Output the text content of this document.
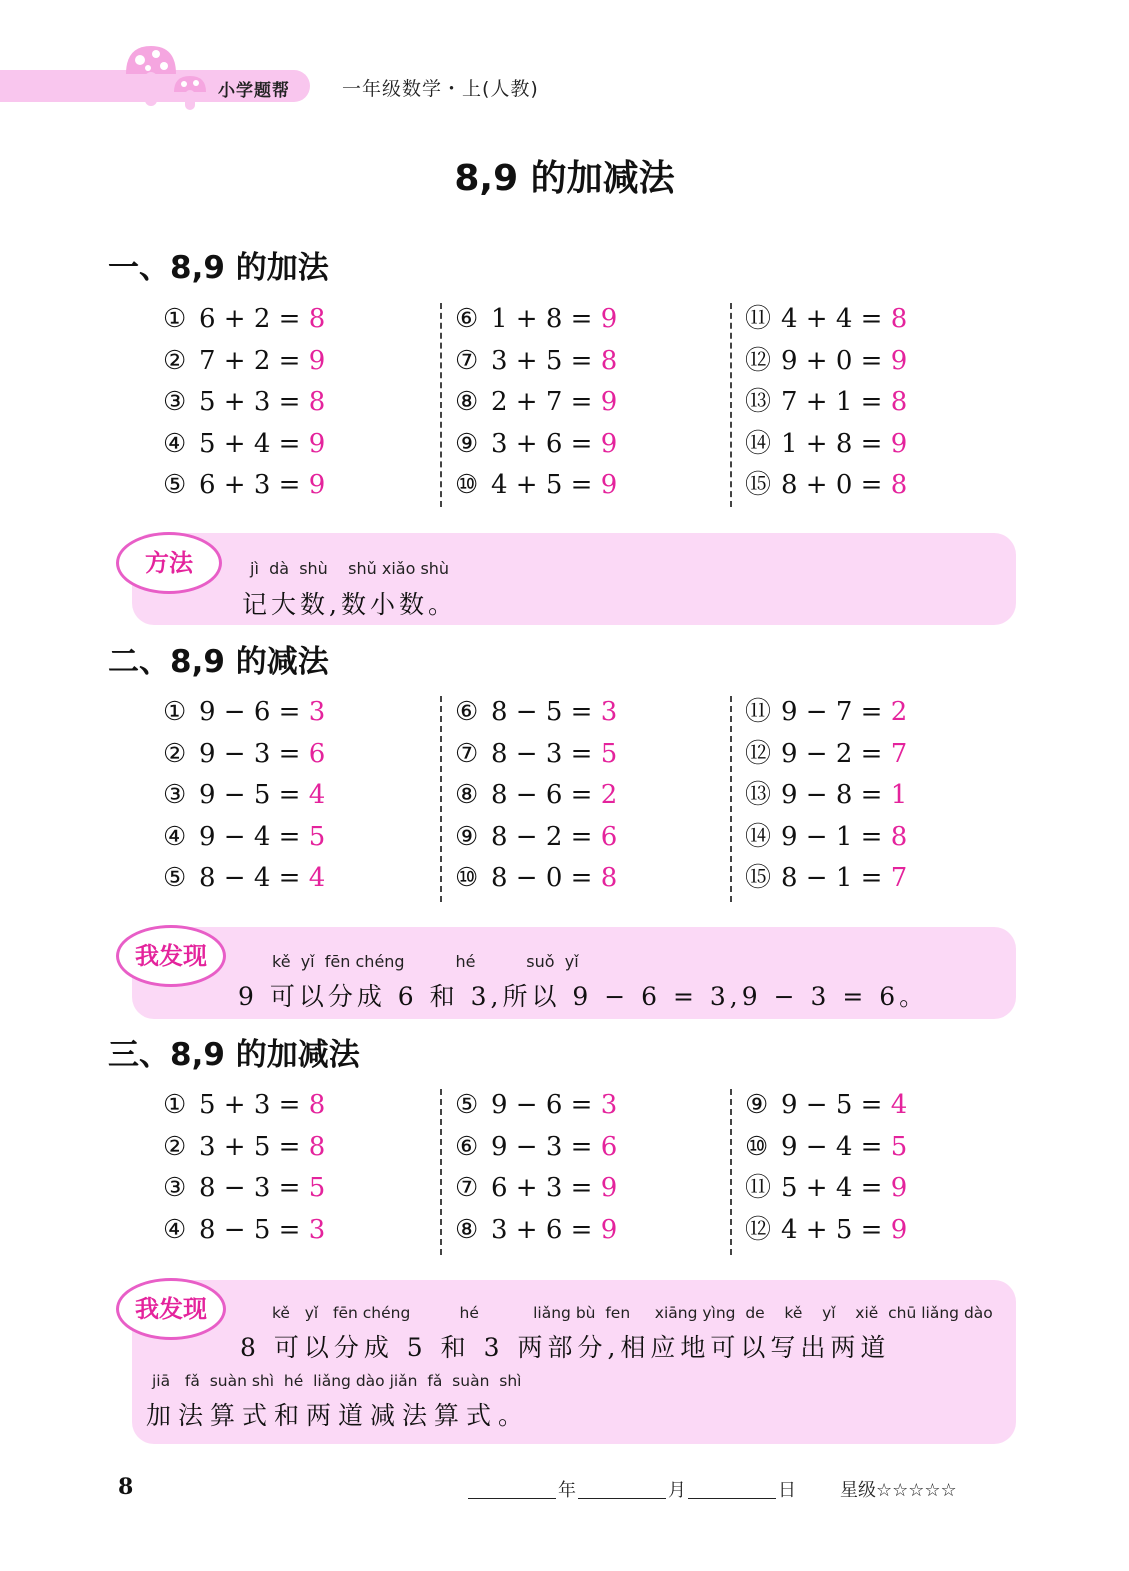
小学题帮	一年级数学・上(人教)
8,9 的加减法
一、8,9 的加法
① 6 + 2 = 8
② 7 + 2 = 9
③ 5 + 3 = 8
④ 5 + 4 = 9
⑤ 6 + 3 = 9
⑥ 1 + 8 = 9
⑦ 3 + 5 = 8
⑧ 2 + 7 = 9
⑨ 3 + 6 = 9
⑩ 4 + 5 = 9
⑪ 4 + 4 = 8
⑫ 9 + 0 = 9
⑬ 7 + 1 = 8
⑭ 1 + 8 = 9
⑮ 8 + 0 = 8
jì  dà  shù    shǔ xiǎo shù
记大数,数小数。
方法
二、8,9 的减法
① 9 − 6 = 3
② 9 − 3 = 6
③ 9 − 5 = 4
④ 9 − 4 = 5
⑤ 8 − 4 = 4
⑥ 8 − 5 = 3
⑦ 8 − 3 = 5
⑧ 8 − 6 = 2
⑨ 8 − 2 = 6
⑩ 8 − 0 = 8
⑪ 9 − 7 = 2
⑫ 9 − 2 = 7
⑬ 9 − 8 = 1
⑭ 9 − 1 = 8
⑮ 8 − 1 = 7
kě  yǐ  fēn chéng          hé          suǒ  yǐ
9 可以分成 6 和 3,所以 9 − 6 = 3,9 − 3 = 6。
我发现
三、8,9 的加减法
① 5 + 3 = 8
② 3 + 5 = 8
③ 8 − 3 = 5
④ 8 − 5 = 3
⑤ 9 − 6 = 3
⑥ 9 − 3 = 6
⑦ 6 + 3 = 9
⑧ 3 + 6 = 9
⑨ 9 − 5 = 4
⑩ 9 − 4 = 5
⑪ 5 + 4 = 9
⑫ 4 + 5 = 9
kě   yǐ   fēn chéng          hé           liǎng bù  fen     xiāng yìng  de    kě    yǐ    xiě  chū liǎng dào
8 可以分成 5 和 3 两部分,相应地可以写出两道
jiā   fǎ  suàn shì  hé  liǎng dào jiǎn  fǎ  suàn  shì
加法算式和两道减法算式。
我发现
8	年	月	日 星级☆☆☆☆☆
